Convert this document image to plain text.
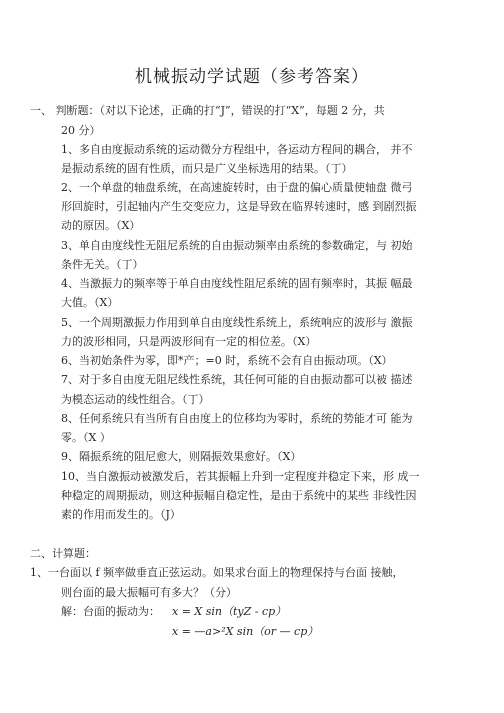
机械振动学试题（参考答案）
一、 判断题：（对以下论述，正确的打“J”，错误的打“X”，每题 2 分，共
20 分）
1、多自由度振动系统的运动微分方程组中，各运动方程间的耦合， 并不
是振动系统的固有性质，而只是广义坐标选用的结果。（丁）
2、一个单盘的轴盘系统，在高速旋转时，由于盘的偏心质量使轴盘 微弓
形回旋时，引起轴内产生交变应力，这是导致在临界转速时，感 到剧烈振
动的原因。（X）
3、单自由度线性无阻尼系统的自由振动频率由系统的参数确定，与 初始
条件无关。（丁）
4、当激振力的频率等于单自由度线性阻尼系统的固有频率时，其振 幅最
大值。（X）
5、一个周期激振力作用到单自由度线性系统上，系统响应的波形与 激振
力的波形相同，只是两波形间有一定的相位差。（X）
6、当初始条件为零，即*产；=0 时，系统不会有自由振动项。（X）
7、对于多自由度无阻尼线性系统，其任何可能的自由振动都可以被 描述
为模态运动的线性组合。（丁）
8、任何系统只有当所有自由度上的位移均为零时，系统的势能才可 能为
零。（X ）
9、隔振系统的阻尼愈大，则隔振效果愈好。（X）
10、当自激振动被激发后，若其振幅上升到一定程度并稳定下来，形 成一
种稳定的周期振动，则这种振幅自稳定性，是由于系统中的某些 非线性因
素的作用而发生的。（J）
二、计算题：
1、一台面以 f 频率做垂直正弦运动。如果求台面上的物理保持与台面 接触，
则台面的最大振幅可有多大？（分）
解：台面的振动为： x = X sin（tyZ - cp）
x = —a>²X sin（or — cp）
